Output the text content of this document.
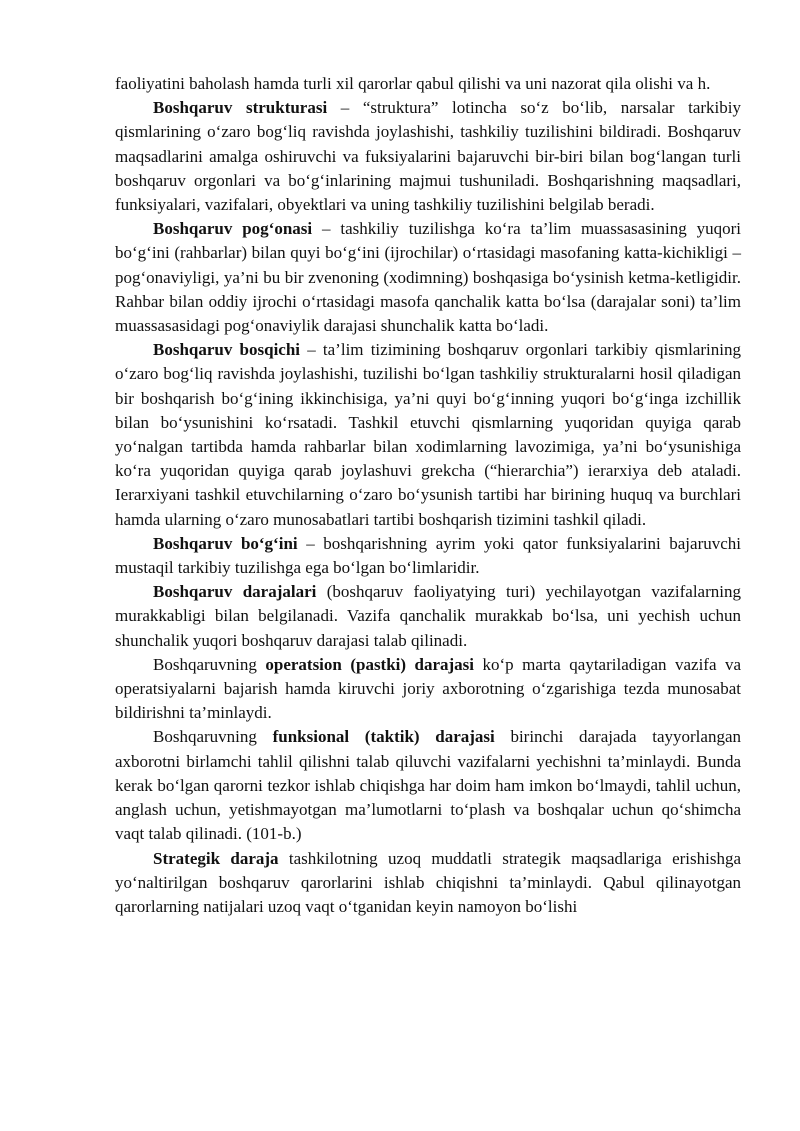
faoliyatini baholash hamda turli xil qarorlar qabul qilishi va uni nazorat qila olishi va h.

Boshqaruv strukturasi – “struktura” lotincha so‘z bo‘lib, narsalar tarkibiy qismlarining o‘zaro bog‘liq ravishda joylashishi, tashkiliy tuzilishini bildiradi. Boshqaruv maqsadlarini amalga oshiruvchi va fuksiyalarini bajaruvchi bir-biri bilan bog‘langan turli boshqaruv orgonlari va bo‘g‘inlarining majmui tushuniladi. Boshqarishning maqsadlari, funksiyalari, vazifalari, obyektlari va uning tashkiliy tuzilishini belgilab beradi.

Boshqaruv pog‘onasi – tashkiliy tuzilishga ko‘ra ta’lim muassasasining yuqori bo‘g‘ini (rahbarlar) bilan quyi bo‘g‘ini (ijrochilar) o‘rtasidagi masofaning katta-kichikligi – pog‘onaviyligi, ya’ni bu bir zvenoning (xodimning) boshqasiga bo‘ysinish ketma-ketligidir. Rahbar bilan oddiy ijrochi o‘rtasidagi masofa qanchalik katta bo‘lsa (darajalar soni) ta’lim muassasasidagi pog‘onaviylik darajasi shunchalik katta bo‘ladi.

Boshqaruv bosqichi – ta’lim tizimining boshqaruv orgonlari tarkibiy qismlarining o‘zaro bog‘liq ravishda joylashishi, tuzilishi bo‘lgan tashkiliy strukturalarni hosil qiladigan bir boshqarish bo‘g‘ining ikkinchisiga, ya’ni quyi bo‘g‘inning yuqori bo‘g‘inga izchillik bilan bo‘ysunishini ko‘rsatadi. Tashkil etuvchi qismlarning yuqoridan quyiga qarab yo‘nalgan tartibda hamda rahbarlar bilan xodimlarning lavozimiga, ya’ni bo‘ysunishiga ko‘ra yuqoridan quyiga qarab joylashuvi grekcha (“hierarchia”) ierarxiya deb ataladi. Ierarxiyani tashkil etuvchilarning o‘zaro bo‘ysunish tartibi har birining huquq va burchlari hamda ularning o‘zaro munosabatlari tartibi boshqarish tizimini tashkil qiladi.

Boshqaruv bo‘g‘ini – boshqarishning ayrim yoki qator funksiyalarini bajaruvchi mustaqil tarkibiy tuzilishga ega bo‘lgan bo‘limlaridir.

Boshqaruv darajalari (boshqaruv faoliyatying turi) yechilayotgan vazifalarning murakkabligi bilan belgilanadi. Vazifa qanchalik murakkab bo‘lsa, uni yechish uchun shunchalik yuqori boshqaruv darajasi talab qilinadi.

Boshqaruvning operatsion (pastki) darajasi ko‘p marta qaytariladigan vazifa va operatsiyalarni bajarish hamda kiruvchi joriy axborotning o‘zgarishiga tezda munosabat bildirishni ta’minlaydi.

Boshqaruvning funksional (taktik) darajasi birinchi darajada tayyorlangan axborotni birlamchi tahlil qilishni talab qiluvchi vazifalarni yechishni ta’minlaydi. Bunda kerak bo‘lgan qarorni tezkor ishlab chiqishga har doim ham imkon bo‘lmaydi, tahlil uchun, anglash uchun, yetishmayotgan ma’lumotlarni to‘plash va boshqalar uchun qo‘shimcha vaqt talab qilinadi. (101-b.)

Strategik daraja tashkilotning uzoq muddatli strategik maqsadlariga erishishga yo‘naltirilgan boshqaruv qarorlarini ishlab chiqishni ta’minlaydi. Qabul qilinayotgan qarorlarning natijalari uzoq vaqt o‘tganidan keyin namoyon bo‘lishi
